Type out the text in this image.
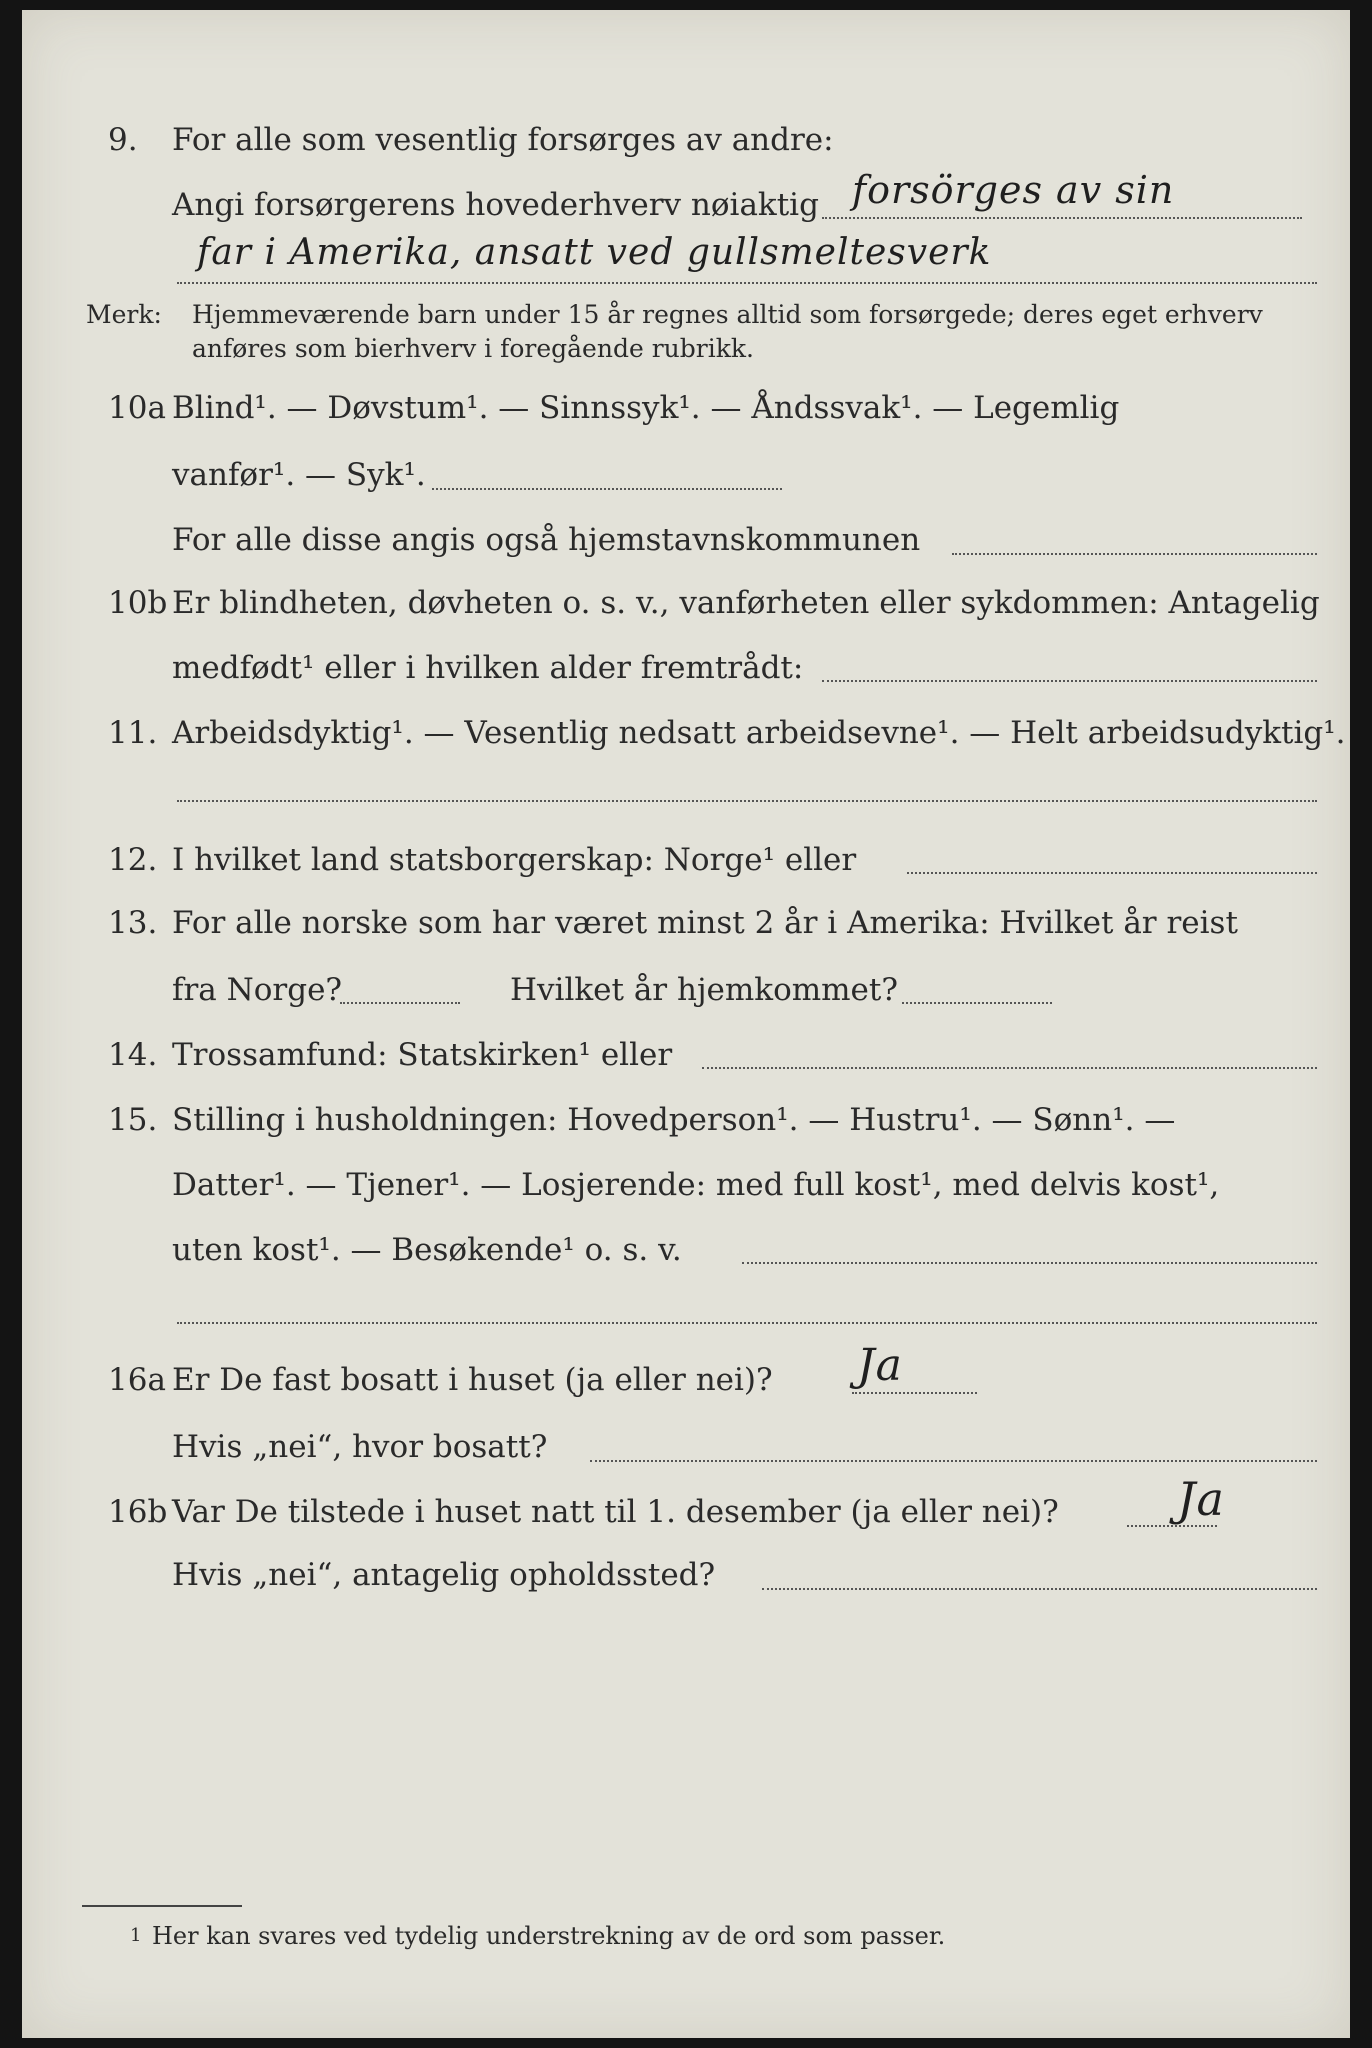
9. For alle som vesentlig forsørges av andre:
Angi forsørgerens hovederhverv nøiaktig forsörges av sin
far i Amerika, ansatt ved gullsmeltesverk
Merk: Hjemmeværende barn under 15 år regnes alltid som forsørgede; deres eget erhverv
anføres som bierhverv i foregående rubrikk.
10a Blind¹. — Døvstum¹. — Sinnssyk¹. — Åndssvak¹. — Legemlig
vanfør¹. — Syk¹.
For alle disse angis også hjemstavnskommunen
10b Er blindheten, døvheten o. s. v., vanførheten eller sykdommen: Antagelig
medfødt¹ eller i hvilken alder fremtrådt:
11. Arbeidsdyktig¹. — Vesentlig nedsatt arbeidsevne¹. — Helt arbeidsudyktig¹.
12. I hvilket land statsborgerskap: Norge¹ eller
13. For alle norske som har været minst 2 år i Amerika: Hvilket år reist
fra Norge?	Hvilket år hjemkommet?
14. Trossamfund: Statskirken¹ eller
15. Stilling i husholdningen: Hovedperson¹. — Hustru¹. — Sønn¹. —
Datter¹. — Tjener¹. — Losjerende: med full kost¹, med delvis kost¹,
uten kost¹. — Besøkende¹ o. s. v.
16a Er De fast bosatt i huset (ja eller nei)? Ja
Hvis „nei“, hvor bosatt?
16b Var De tilstede i huset natt til 1. desember (ja eller nei)?	Ja
Hvis „nei“, antagelig opholdssted?
1 Her kan svares ved tydelig understrekning av de ord som passer.
